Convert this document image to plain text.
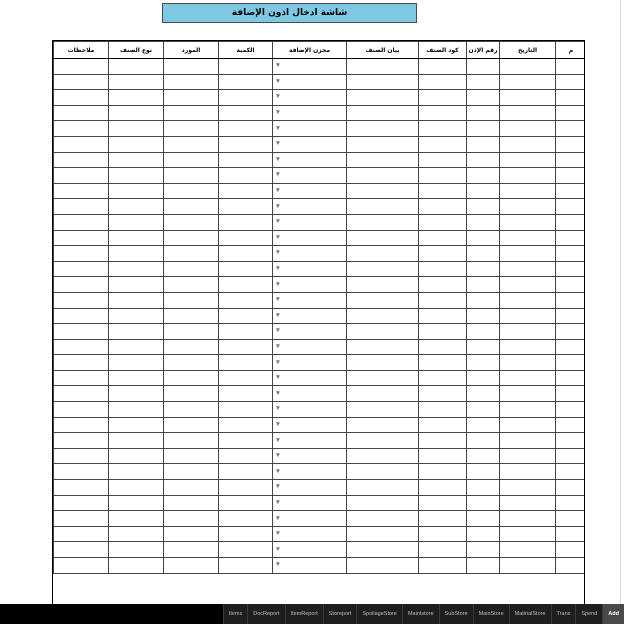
شاشة ادخال اذون الإضافة
م	التاريخ	رقم الإذن	كود الصنف	بيان الصنف	مخزن الإضافة	الكمية	المورد	نوع الصنف	ملاحظات

					▼				

					▼				

					▼				

					▼				

					▼				

					▼				

					▼				

					▼				

					▼				

					▼				

					▼				

					▼				

					▼				

					▼				

					▼				

					▼				

					▼				

					▼				

					▼				

					▼				

					▼				

					▼				

					▼				

					▼				

					▼				

					▼				

					▼				

					▼				

					▼				

					▼				

					▼				

					▼				

					▼				

Items	DocReport	ItemReport	Storeport	SpoilageStore	Maintstore	SubStore	MainStore	MatirialStore	Trans	Spend	Add
